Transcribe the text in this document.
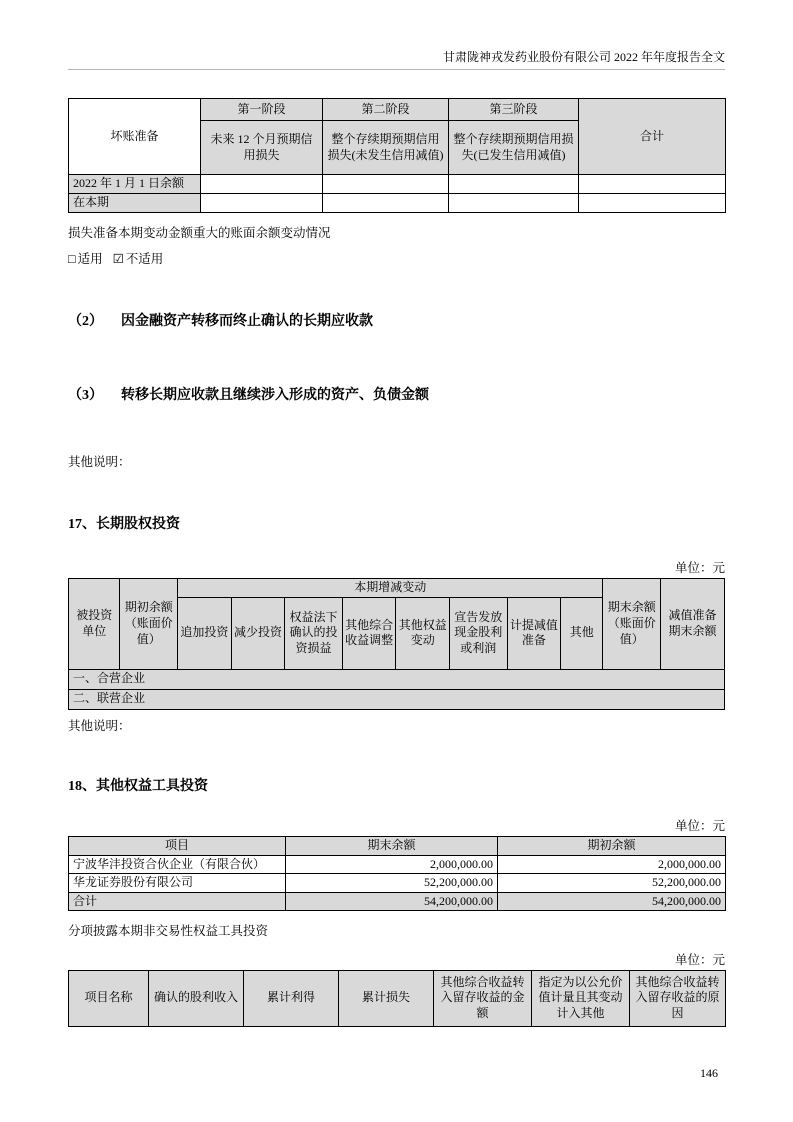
甘肃陇神戎发药业股份有限公司 2022 年年度报告全文
坏账准备	第一阶段	第二阶段	第三阶段	合计
	未来 12 个月预期信用损失	整个存续期预期信用损失(未发生信用减值)	整个存续期预期信用损失(已发生信用减值)	
2022 年 1 月 1 日余额				
在本期				
损失准备本期变动金额重大的账面余额变动情况
□ 适用 ☑ 不适用
（2） 因金融资产转移而终止确认的长期应收款
（3） 转移长期应收款且继续涉入形成的资产、负债金额
其他说明：
17、长期股权投资
单位：元
被投资单位	期初余额（账面价值）	本期增减变动								期末余额（账面价值）	减值准备期末余额
		追加投资	减少投资	权益法下确认的投资损益	其他综合收益调整	其他权益变动	宣告发放现金股利或利润	计提减值准备	其他		
一、合营企业											
二、联营企业											
其他说明：
18、其他权益工具投资
单位：元
项目	期末余额	期初余额
宁波华沣投资合伙企业（有限合伙）	2,000,000.00	2,000,000.00
华龙证券股份有限公司	52,200,000.00	52,200,000.00
合计	54,200,000.00	54,200,000.00
分项披露本期非交易性权益工具投资
单位：元
项目名称	确认的股利收入	累计利得	累计损失	其他综合收益转入留存收益的金额	指定为以公允价值计量且其变动计入其他	其他综合收益转入留存收益的原因
146
